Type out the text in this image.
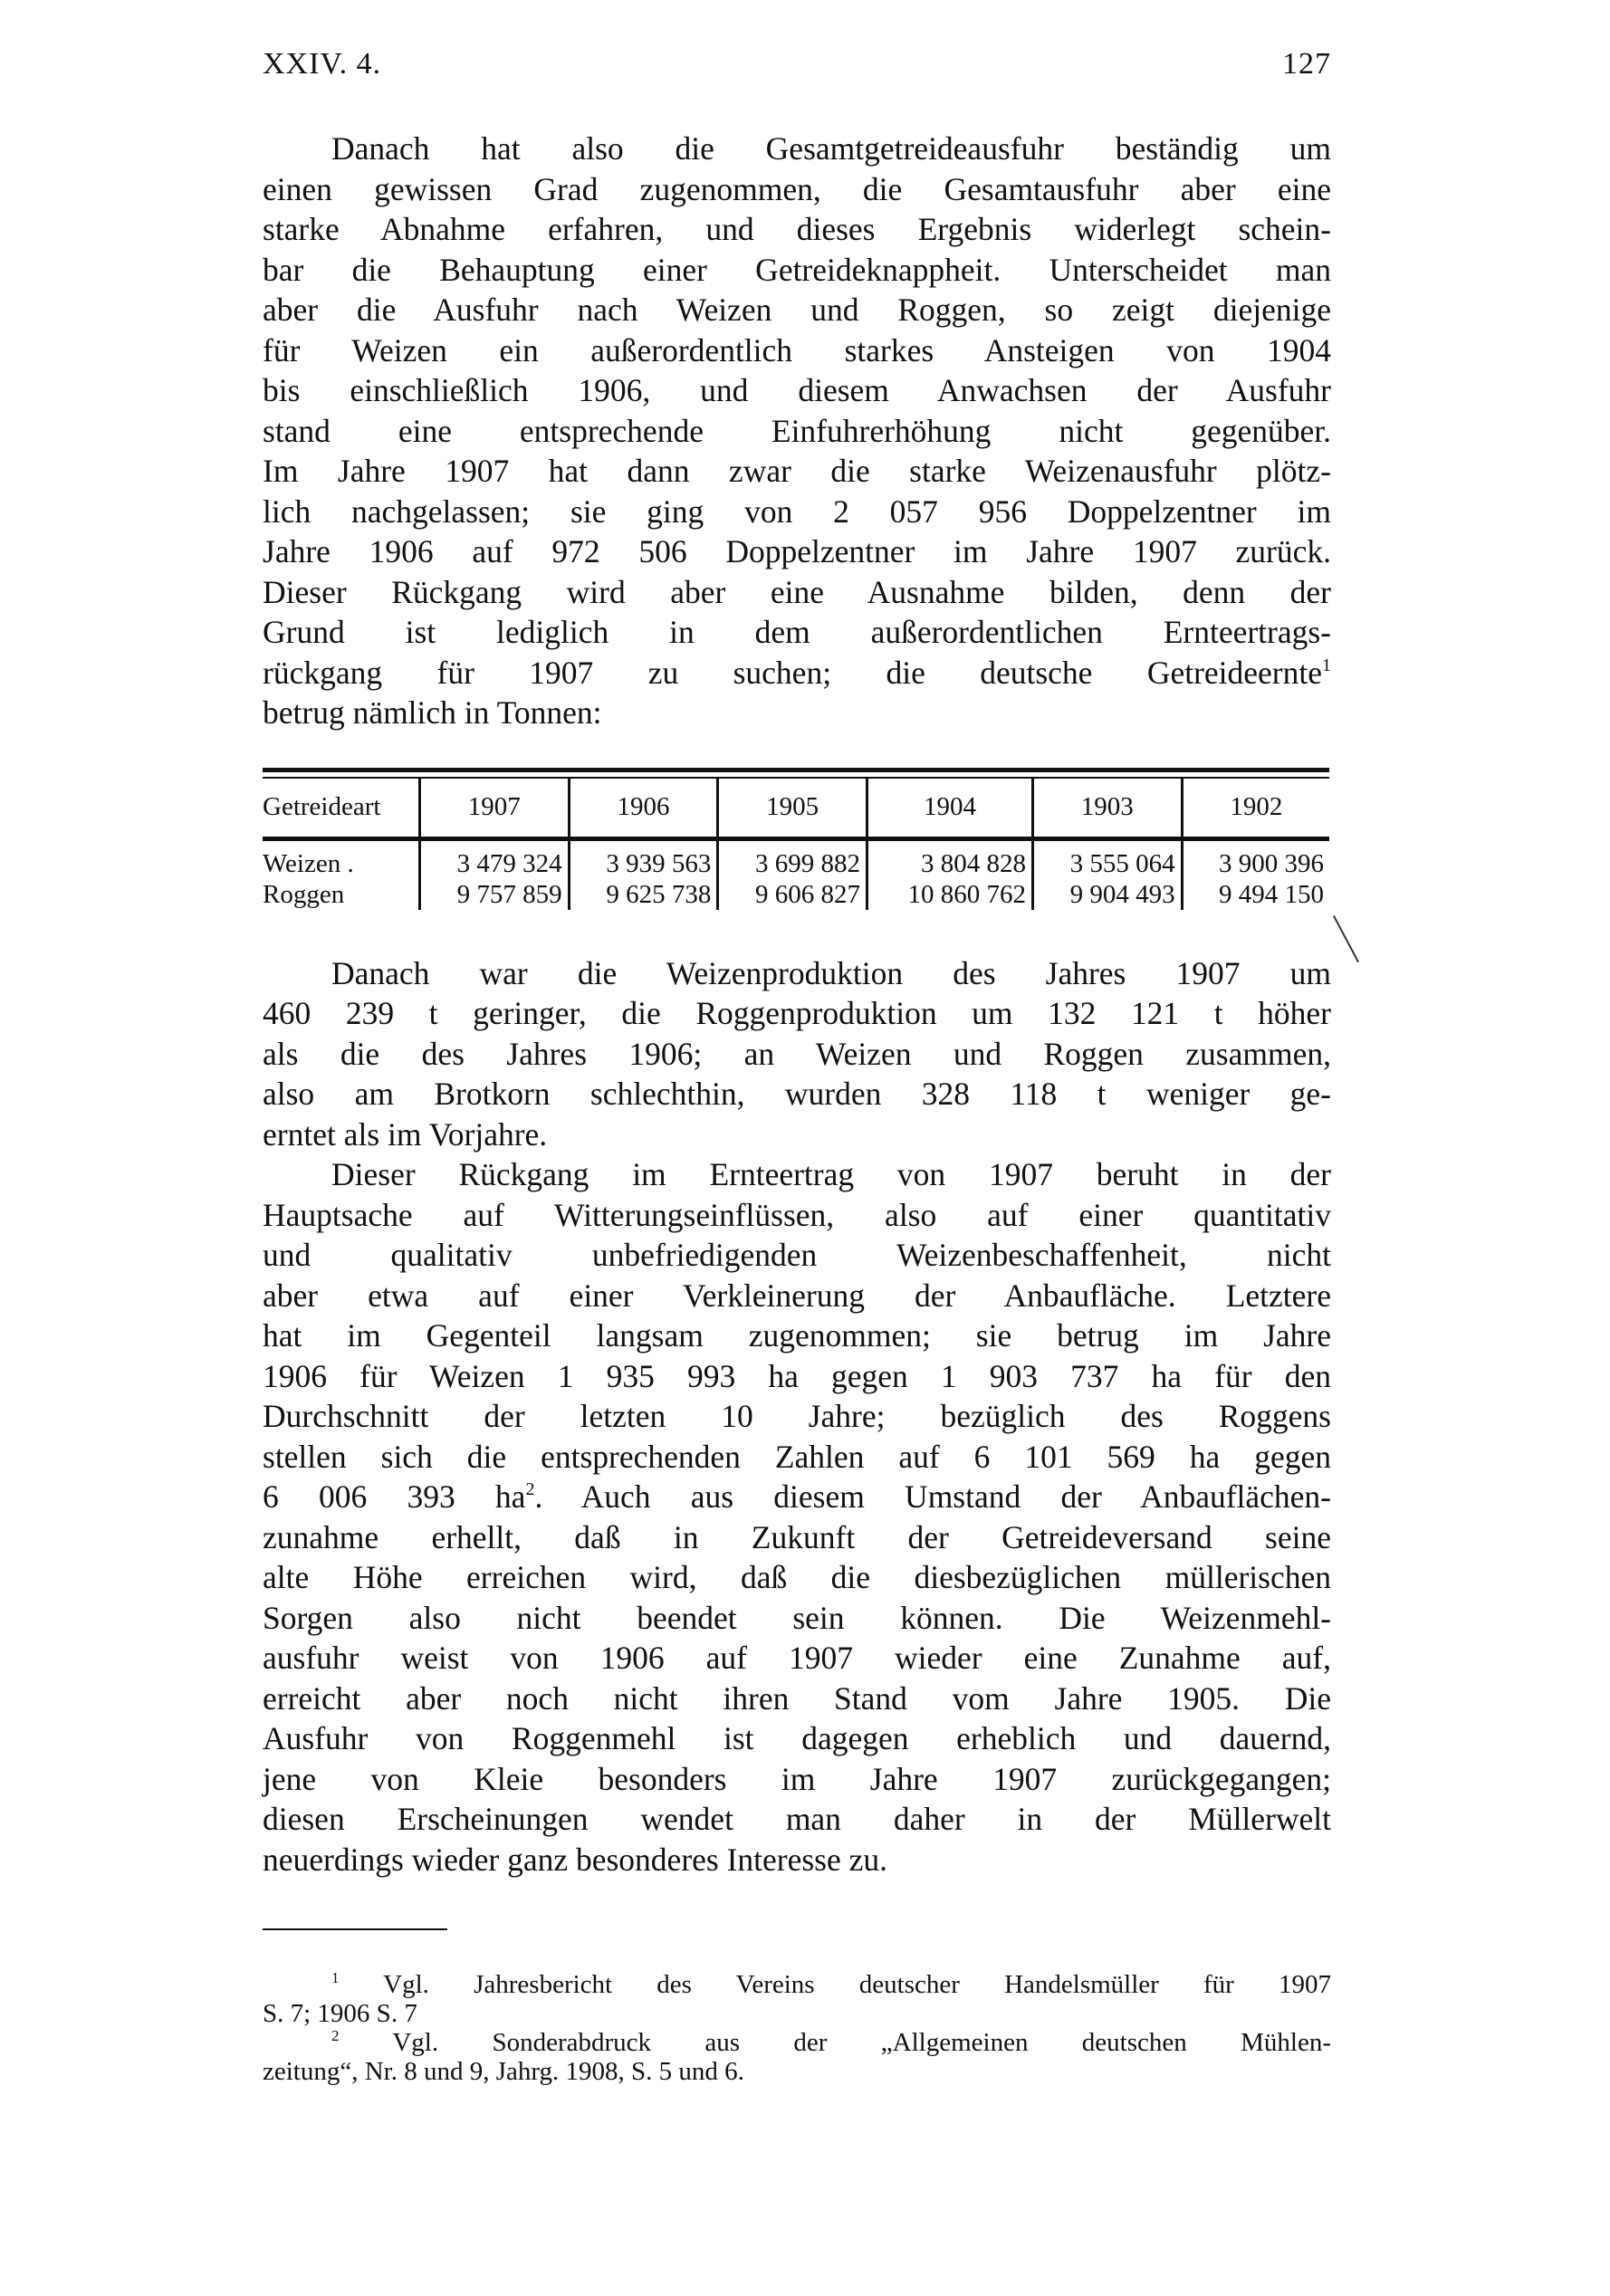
XXIV. 4.	127
Danach hat also die Gesamtgetreideausfuhr beständig um
einen gewissen Grad zugenommen, die Gesamtausfuhr aber eine
starke Abnahme erfahren, und dieses Ergebnis widerlegt schein-
bar die Behauptung einer Getreideknappheit. Unterscheidet man
aber die Ausfuhr nach Weizen und Roggen, so zeigt diejenige
für Weizen ein außerordentlich starkes Ansteigen von 1904
bis einschließlich 1906, und diesem Anwachsen der Ausfuhr
stand eine entsprechende Einfuhrerhöhung nicht gegenüber.
Im Jahre 1907 hat dann zwar die starke Weizenausfuhr plötz-
lich nachgelassen; sie ging von 2 057 956 Doppelzentner im
Jahre 1906 auf 972 506 Doppelzentner im Jahre 1907 zurück.
Dieser Rückgang wird aber eine Ausnahme bilden, denn der
Grund ist lediglich in dem außerordentlichen Ernteertrags-
rückgang für 1907 zu suchen; die deutsche Getreideernte$^1$
betrug nämlich in Tonnen:
Getreideart	1907	1906	1905	1904	1903	1902

Weizen .	3 479 324	3 939 563	3 699 882	3 804 828	3 555 064	3 900 396
Roggen	9 757 859	9 625 738	9 606 827	10 860 762	9 904 493	9 494 150
Danach war die Weizenproduktion des Jahres 1907 um
460 239 t geringer, die Roggenproduktion um 132 121 t höher
als die des Jahres 1906; an Weizen und Roggen zusammen,
also am Brotkorn schlechthin, wurden 328 118 t weniger ge-
erntet als im Vorjahre.
Dieser Rückgang im Ernteertrag von 1907 beruht in der
Hauptsache auf Witterungseinflüssen, also auf einer quantitativ
und qualitativ unbefriedigenden Weizenbeschaffenheit, nicht
aber etwa auf einer Verkleinerung der Anbaufläche. Letztere
hat im Gegenteil langsam zugenommen; sie betrug im Jahre
1906 für Weizen 1 935 993 ha gegen 1 903 737 ha für den
Durchschnitt der letzten 10 Jahre; bezüglich des Roggens
stellen sich die entsprechenden Zahlen auf 6 101 569 ha gegen
6 006 393 $ha^2$. Auch aus diesem Umstand der Anbauflächen-
zunahme erhellt, daß in Zukunft der Getreideversand seine
alte Höhe erreichen wird, daß die diesbezüglichen müllerischen
Sorgen also nicht beendet sein können. Die Weizenmehl-
ausfuhr weist von 1906 auf 1907 wieder eine Zunahme auf,
erreicht aber noch nicht ihren Stand vom Jahre 1905. Die
Ausfuhr von Roggenmehl ist dagegen erheblich und dauernd,
jene von Kleie besonders im Jahre 1907 zurückgegangen;
diesen Erscheinungen wendet man daher in der Müllerwelt
neuerdings wieder ganz besonderes Interesse zu.
$^1$ Vgl. Jahresbericht des Vereins deutscher Handelsmüller für 1907
S. 7; 1906 S. 7
$^2$ Vgl. Sonderabdruck aus der „Allgemeinen deutschen Mühlen-
zeitung“, Nr. 8 und 9, Jahrg. 1908, S. 5 und 6.
